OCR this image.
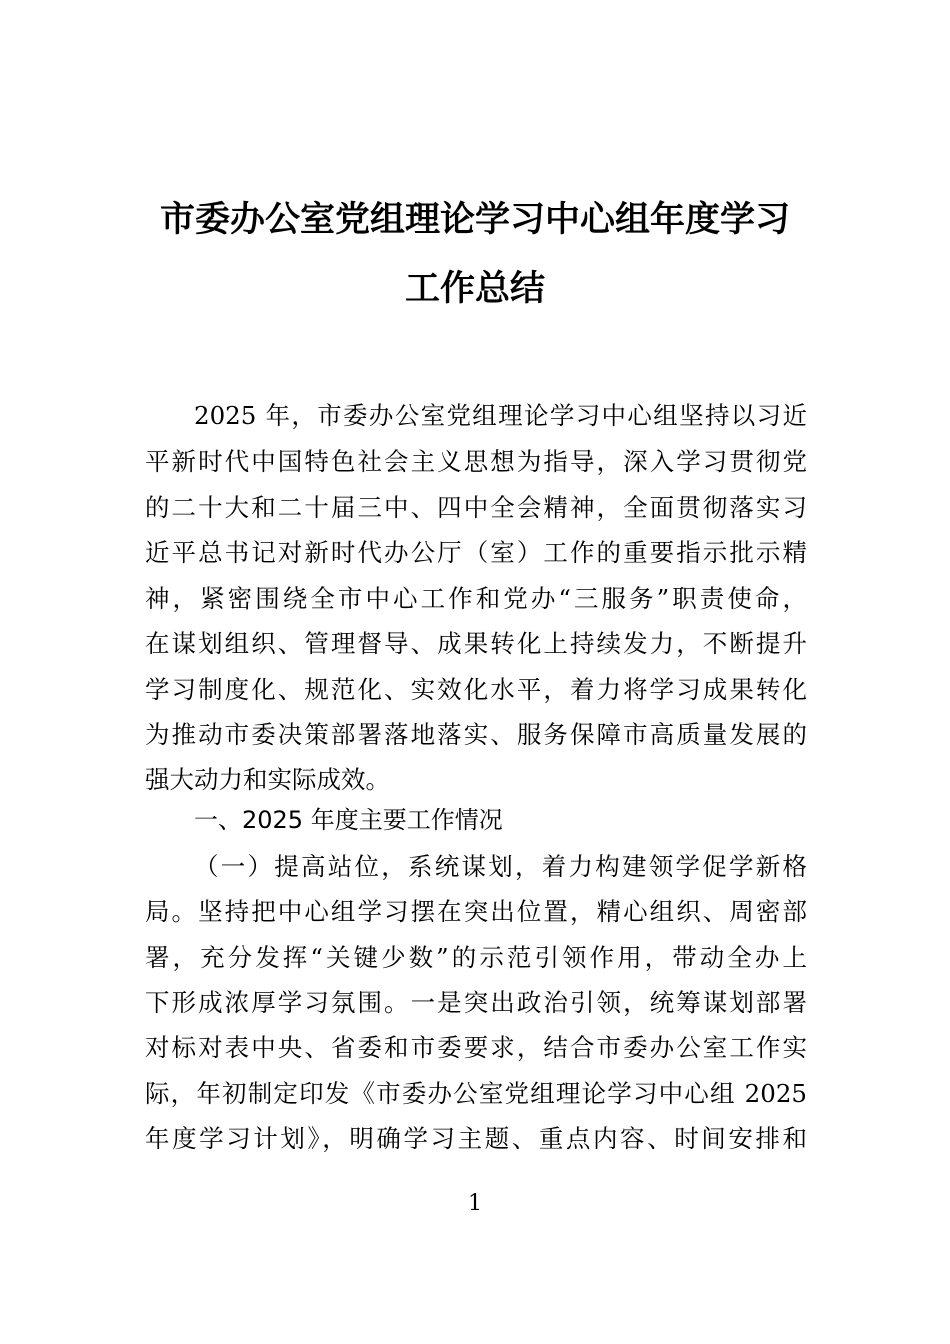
市委办公室党组理论学习中心组年度学习
工作总结
2025 年，市委办公室党组理论学习中心组坚持以习近
平新时代中国特色社会主义思想为指导，深入学习贯彻党
的二十大和二十届三中、四中全会精神，全面贯彻落实习
近平总书记对新时代办公厅（室）工作的重要指示批示精
神，紧密围绕全市中心工作和党办“三服务”职责使命，
在谋划组织、管理督导、成果转化上持续发力，不断提升
学习制度化、规范化、实效化水平，着力将学习成果转化
为推动市委决策部署落地落实、服务保障市高质量发展的
强大动力和实际成效。
一、2025 年度主要工作情况
（一）提高站位，系统谋划，着力构建领学促学新格
局。坚持把中心组学习摆在突出位置，精心组织、周密部
署，充分发挥“关键少数”的示范引领作用，带动全办上
下形成浓厚学习氛围。一是突出政治引领，统筹谋划部署
对标对表中央、省委和市委要求，结合市委办公室工作实
际，年初制定印发《市委办公室党组理论学习中心组 2025
年度学习计划》，明确学习主题、重点内容、时间安排和
1
